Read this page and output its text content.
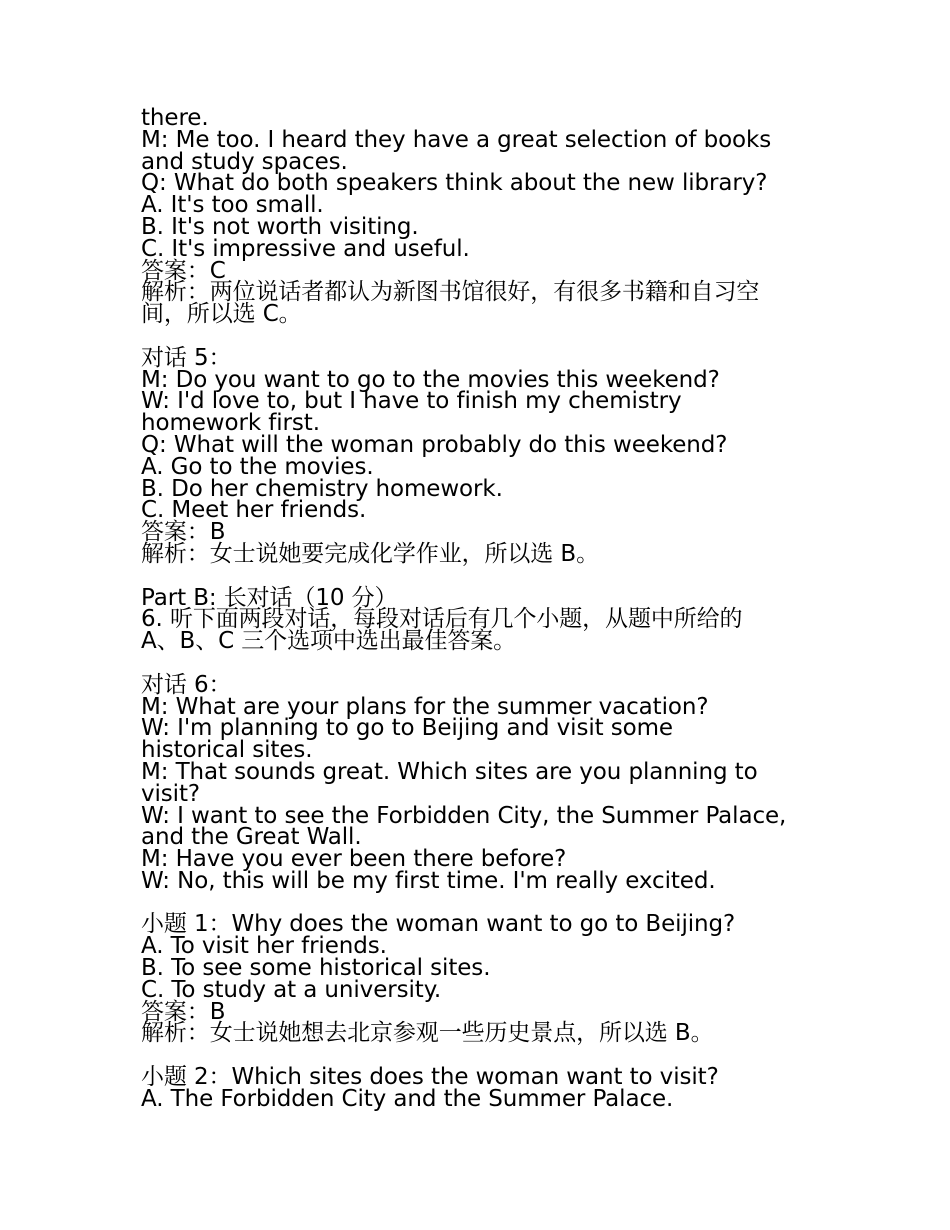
there.
M: Me too. I heard they have a great selection of books
and study spaces.
Q: What do both speakers think about the new library?
A. It's too small.
B. It's not worth visiting.
C. It's impressive and useful.
答案：C
解析：两位说话者都认为新图书馆很好，有很多书籍和自习空
间，所以选 C。
对话 5：
M: Do you want to go to the movies this weekend?
W: I'd love to, but I have to finish my chemistry
homework first.
Q: What will the woman probably do this weekend?
A. Go to the movies.
B. Do her chemistry homework.
C. Meet her friends.
答案：B
解析：女士说她要完成化学作业，所以选 B。
Part B: 长对话（10 分）
6. 听下面两段对话，每段对话后有几个小题，从题中所给的
A、B、C 三个选项中选出最佳答案。
对话 6：
M: What are your plans for the summer vacation?
W: I'm planning to go to Beijing and visit some
historical sites.
M: That sounds great. Which sites are you planning to
visit?
W: I want to see the Forbidden City, the Summer Palace,
and the Great Wall.
M: Have you ever been there before?
W: No, this will be my first time. I'm really excited.
小题 1：Why does the woman want to go to Beijing?
A. To visit her friends.
B. To see some historical sites.
C. To study at a university.
答案：B
解析：女士说她想去北京参观一些历史景点，所以选 B。
小题 2：Which sites does the woman want to visit?
A. The Forbidden City and the Summer Palace.
